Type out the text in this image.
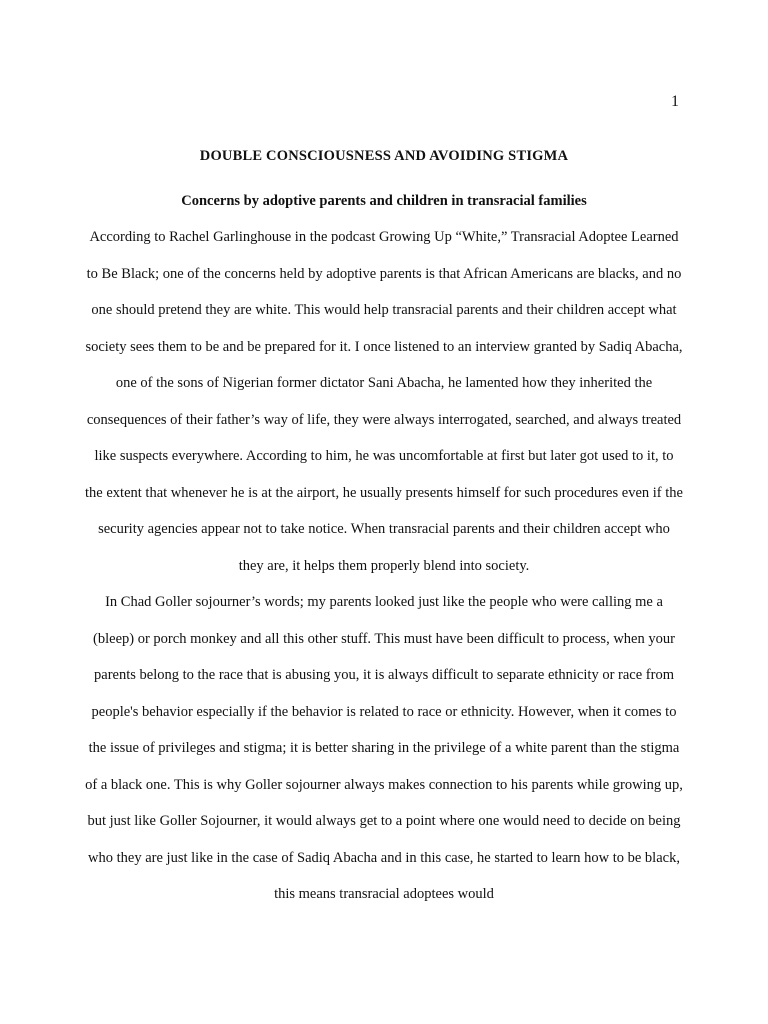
1
DOUBLE CONSCIOUSNESS AND AVOIDING STIGMA
Concerns by adoptive parents and children in transracial families

According to Rachel Garlinghouse in the podcast Growing Up “White,” Transracial Adoptee Learned to Be Black; one of the concerns held by adoptive parents is that African Americans are blacks, and no one should pretend they are white. This would help transracial parents and their children accept what society sees them to be and be prepared for it. I once listened to an interview granted by Sadiq Abacha, one of the sons of Nigerian former dictator Sani Abacha, he lamented how they inherited the consequences of their father’s way of life, they were always interrogated, searched, and always treated like suspects everywhere. According to him, he was uncomfortable at first but later got used to it, to the extent that whenever he is at the airport, he usually presents himself for such procedures even if the security agencies appear not to take notice. When transracial parents and their children accept who they are, it helps them properly blend into society.

In Chad Goller sojourner’s words; my parents looked just like the people who were calling me a (bleep) or porch monkey and all this other stuff. This must have been difficult to process, when your parents belong to the race that is abusing you, it is always difficult to separate ethnicity or race from people's behavior especially if the behavior is related to race or ethnicity. However, when it comes to the issue of privileges and stigma; it is better sharing in the privilege of a white parent than the stigma of a black one. This is why Goller sojourner always makes connection to his parents while growing up, but just like Goller Sojourner, it would always get to a point where one would need to decide on being who they are just like in the case of Sadiq Abacha and in this case, he started to learn how to be black, this means transracial adoptees would
